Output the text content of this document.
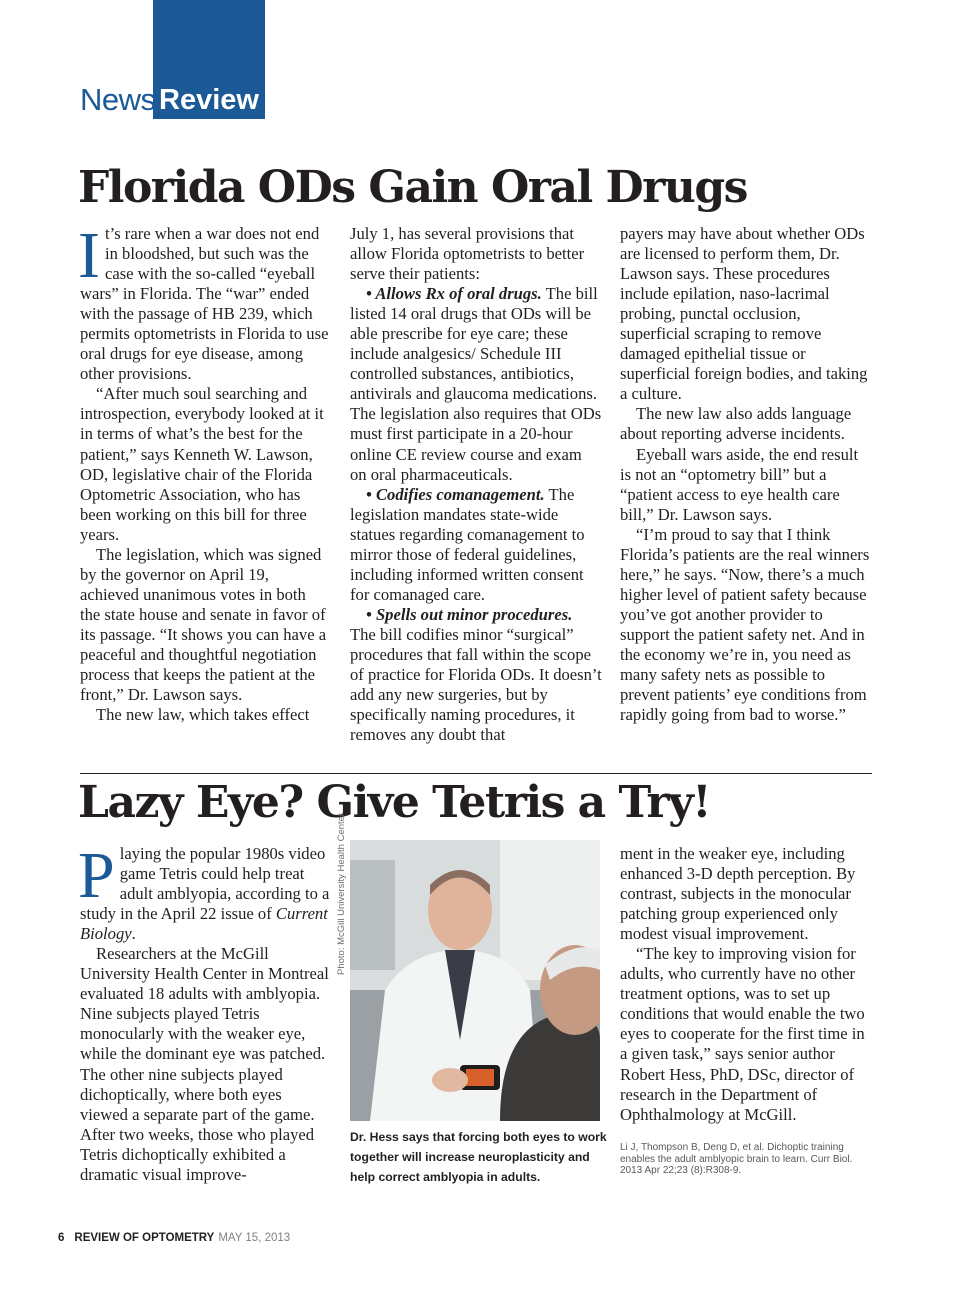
News Review
Florida ODs Gain Oral Drugs

It’s rare when a war does not end in bloodshed, but such was the case with the so-called “eyeball wars” in Florida. The “war” ended with the passage of HB 239, which permits optometrists in Florida to use oral drugs for eye disease, among other provisions.

“After much soul searching and introspection, everybody looked at it in terms of what’s the best for the patient,” says Kenneth W. Lawson, OD, legislative chair of the Florida Optometric Association, who has been working on this bill for three years.

The legislation, which was signed by the governor on April 19, achieved unanimous votes in both the state house and senate in favor of its passage. “It shows you can have a peaceful and thoughtful negotiation process that keeps the patient at the front,” Dr. Lawson says.

The new law, which takes effect

July 1, has several provisions that allow Florida optometrists to better serve their patients:

• Allows Rx of oral drugs. The bill listed 14 oral drugs that ODs will be able prescribe for eye care; these include analgesics/ Schedule III controlled substances, antibiotics, antivirals and glaucoma medications. The legislation also requires that ODs must first participate in a 20-hour online CE review course and exam on oral pharmaceuticals.

• Codifies comanagement. The legislation mandates state-wide statues regarding comanagement to mirror those of federal guidelines, including informed written consent for comanaged care.

• Spells out minor procedures. The bill codifies minor “surgical” procedures that fall within the scope of practice for Florida ODs. It doesn’t add any new surgeries, but by specifically naming procedures, it removes any doubt that

payers may have about whether ODs are licensed to perform them, Dr. Lawson says. These procedures include epilation, naso-lacrimal probing, punctal occlusion, superficial scraping to remove damaged epithelial tissue or superficial foreign bodies, and taking a culture.

The new law also adds language about reporting adverse incidents.

Eyeball wars aside, the end result is not an “optometry bill” but a “patient access to eye health care bill,” Dr. Lawson says.

“I’m proud to say that I think Florida’s patients are the real winners here,” he says. “Now, there’s a much higher level of patient safety because you’ve got another provider to support the patient safety net. And in the economy we’re in, you need as many safety nets as possible to prevent patients’ eye conditions from rapidly going from bad to worse.”

Lazy Eye? Give Tetris a Try!

Playing the popular 1980s video game Tetris could help treat adult amblyopia, according to a study in the April 22 issue of Current Biology.

Researchers at the McGill University Health Center in Montreal evaluated 18 adults with amblyopia. Nine subjects played Tetris monocularly with the weaker eye, while the dominant eye was patched. The other nine subjects played dichoptically, where both eyes viewed a separate part of the game. After two weeks, those who played Tetris dichoptically exhibited a dramatic visual improve-

Photo: McGill University Health Center
Dr. Hess says that forcing both eyes to work together will increase neuroplasticity and help correct amblyopia in adults.

ment in the weaker eye, including enhanced 3-D depth perception. By contrast, subjects in the monocular patching group experienced only modest visual improvement.

“The key to improving vision for adults, who currently have no other treatment options, was to set up conditions that would enable the two eyes to cooperate for the first time in a given task,” says senior author Robert Hess, PhD, DSc, director of research in the Department of Ophthalmology at McGill.

Li J, Thompson B, Deng D, et al. Dichoptic training enables the adult amblyopic brain to learn. Curr Biol. 2013 Apr 22;23 (8):R308-9.
6 REVIEW OF OPTOMETRY MAY 15, 2013
